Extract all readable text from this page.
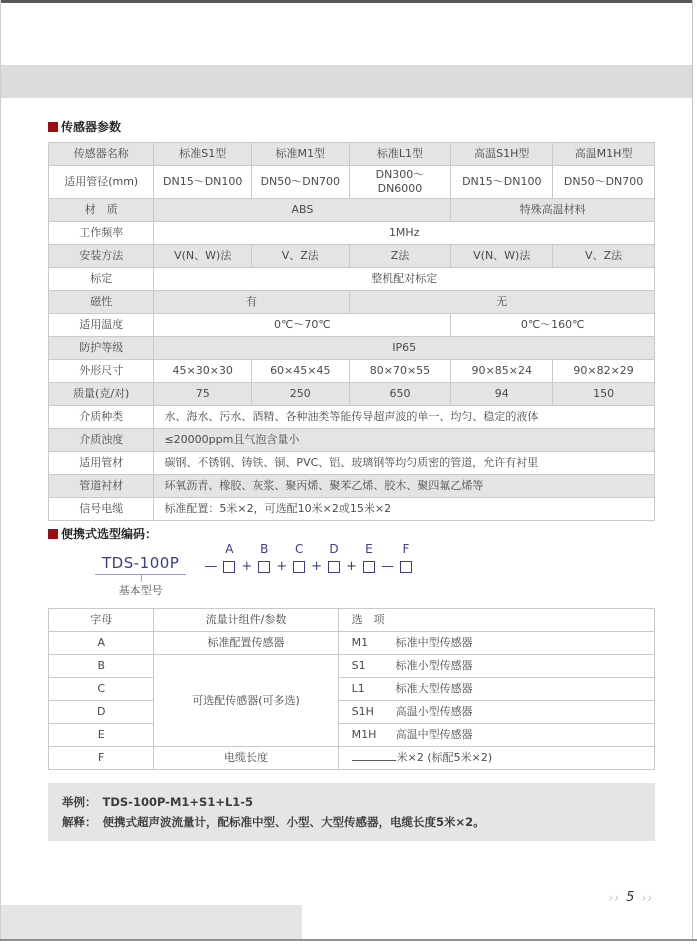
传感器参数
传感器名称	标准S1型	标准M1型	标准L1型	高温S1H型	高温M1H型
适用管径(mm)	DN15～DN100	DN50～DN700	DN300～DN6000	DN15～DN100	DN50～DN700
材　质	ABS			特殊高温材料	
工作频率	1MHz				
安装方法	V(N、W)法	V、Z法	Z法	V(N、W)法	V、Z法
标定	整机配对标定				
磁性	有		无		
适用温度	0℃～70℃			0℃～160℃	
防护等级	IP65				
外形尺寸	45×30×30	60×45×45	80×70×55	90×85×24	90×82×29
质量(克/对)	75	250	650	94	150
介质种类	水、海水、污水、酒精、各种油类等能传导超声波的单一、均匀、稳定的液体				
介质浊度	≤20000ppm且气泡含量小				
适用管材	碳钢、不锈钢、铸铁、铜、PVC、铝、玻璃钢等均匀质密的管道，允许有衬里				
管道衬材	环氧沥青、橡胶、灰浆、聚丙烯、聚苯乙烯、胶木、聚四氟乙烯等				
信号电缆	标准配置：5米×2，可选配10米×2或15米×2				
便携式选型编码：
TDS-100P
基本型号
—
A
+
B
+
C
+
D
+
E
—
F
字母	流量计组件/参数	选　项
A	标准配置传感器	M1 标准中型传感器
B	可选配传感器(可多选)	S1 标准小型传感器
C		L1 标准大型传感器
D		S1H 高温小型传感器
E		M1H 高温中型传感器
F	电缆长度	米×2 (标配5米×2)
举例： TDS-100P-M1+S1+L1-5
解释： 便携式超声波流量计，配标准中型、小型、大型传感器，电缆长度5米×2。
›› 5 ››
